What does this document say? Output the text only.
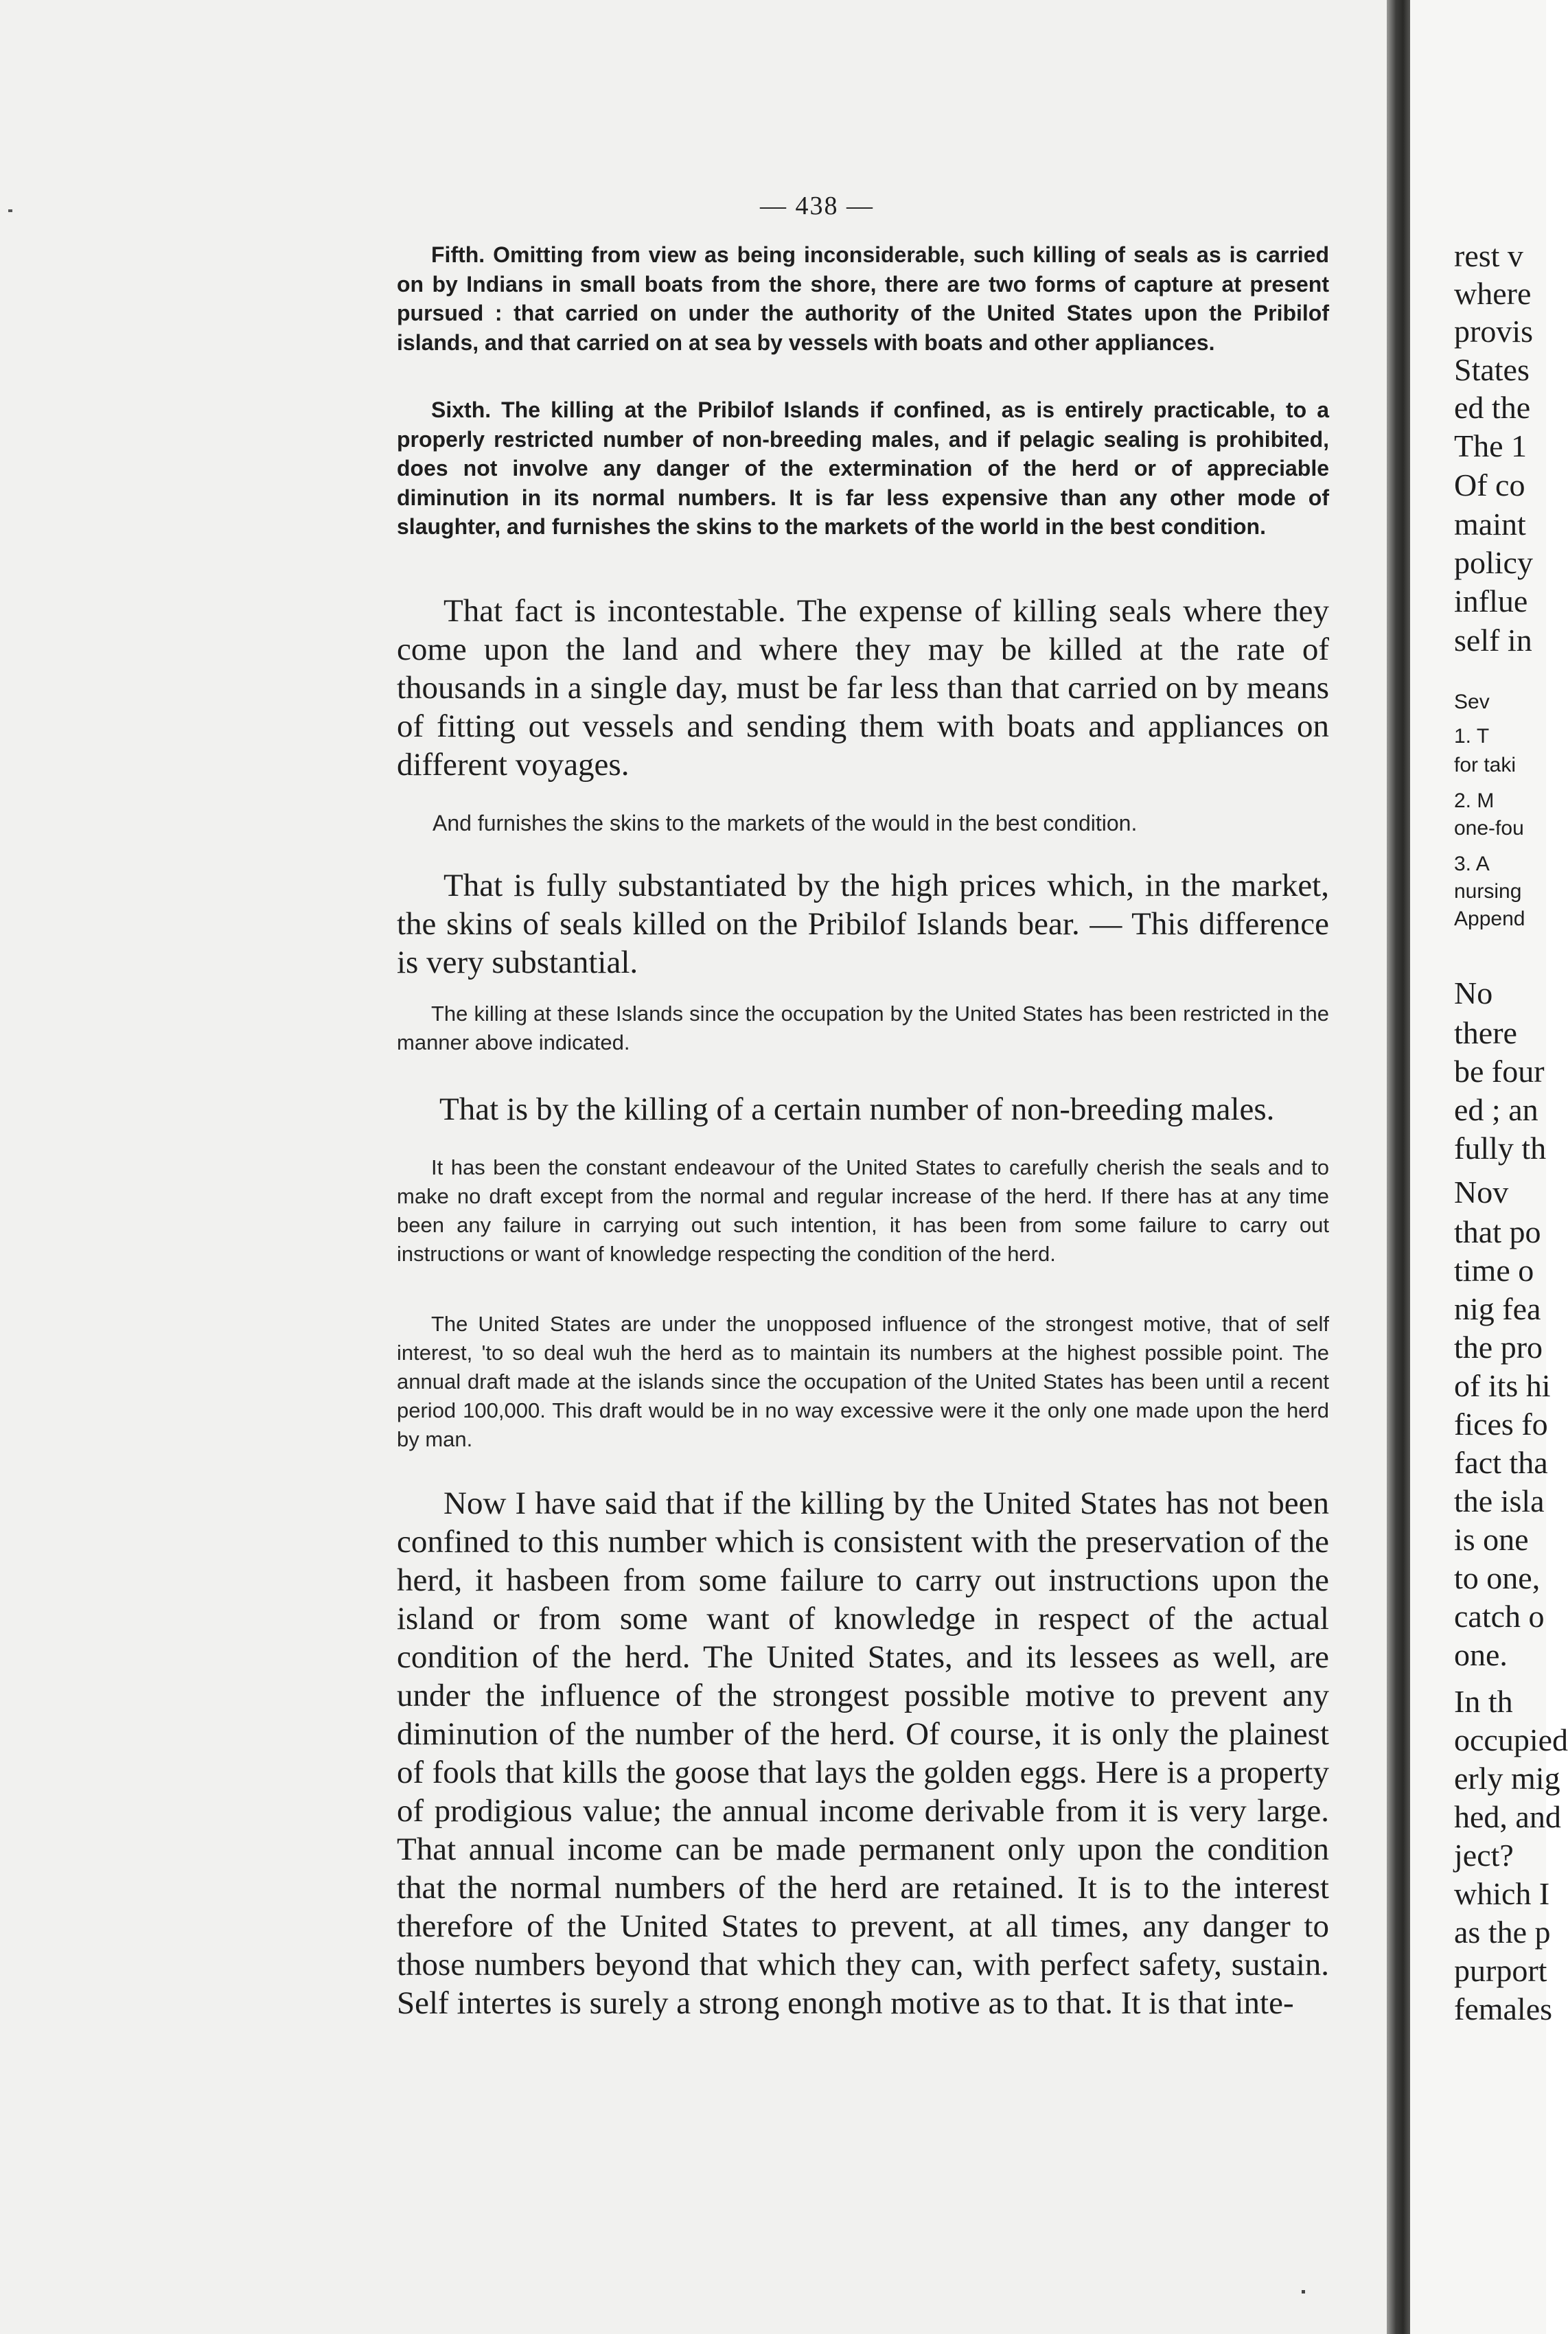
— 438 —

Fifth. Omitting from view as being inconsiderable, such killing of seals as is carried on by Indians in small boats from the shore, there are two forms of capture at present pursued : that carried on under the authority of the United States upon the Pribilof islands, and that carried on at sea by vessels with boats and other appliances.

Sixth. The killing at the Pribilof Islands if confined, as is entirely practicable, to a properly restricted number of non-breeding males, and if pelagic sealing is prohibited, does not involve any danger of the extermination of the herd or of appreciable diminution in its normal numbers. It is far less expensive than any other mode of slaughter, and furnishes the skins to the markets of the world in the best condition.

That fact is incontestable. The expense of killing seals where they come upon the land and where they may be killed at the rate of thousands in a single day, must be far less than that carried on by means of fitting out vessels and sending them with boats and appliances on different voyages.

And furnishes the skins to the markets of the would in the best condition.

That is fully substantiated by the high prices which, in the market, the skins of seals killed on the Pribilof Islands bear. — This difference is very substantial.

The killing at these Islands since the occupation by the United States has been restricted in the manner above indicated.

That is by the killing of a certain number of non-breeding males.

It has been the constant endeavour of the United States to carefully cherish the seals and to make no draft except from the normal and regular increase of the herd. If there has at any time been any failure in carrying out such intention, it has been from some failure to carry out instructions or want of knowledge respecting the condition of the herd.

The United States are under the unopposed influence of the strongest motive, that of self interest, 'to so deal wuh the herd as to maintain its numbers at the highest possible point. The annual draft made at the islands since the occupation of the United States has been until a recent period 100,000. This draft would be in no way excessive were it the only one made upon the herd by man.

Now I have said that if the killing by the United States has not been confined to this number which is consistent with the preservation of the herd, it hasbeen from some failure to carry out instructions upon the island or from some want of knowledge in respect of the actual condition of the herd. The United States, and its lessees as well, are under the influence of the strongest possible motive to prevent any diminution of the number of the herd. Of course, it is only the plainest of fools that kills the goose that lays the golden eggs. Here is a property of prodigious value; the annual income derivable from it is very large. That annual income can be made permanent only upon the condition that the normal numbers of the herd are retained. It is to the interest therefore of the United States to prevent, at all times, any danger to those numbers beyond that which they can, with perfect safety, sustain. Self intertes is surely a strong enongh motive as to that. It is that inte-

rest v
where
provis
States
ed the
The 1
Of co
maint
policy
influe
self in
Sev
1. T
for taki
2. M
one-fou
3. A
nursing
Append
No
there
be four
ed ; an
fully th
Nov
that po
time o
nig fea
the pro
of its hi
fices fo
fact tha
the isla
is one
to one,
catch o
one.
In th
occupied
erly mig
hed, and
ject?
which I
as the p
purport
females
